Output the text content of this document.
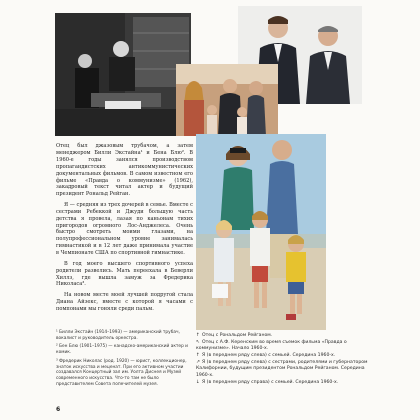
Отец был джазовым трубачом, а затем менеджером Билли Экстайна¹ и Бена Блю². В 1960-е годы занялся производством пропагандистских антикоммунистических документальных фильмов. В самом известном его фильме «Правда о коммунизме» (1962), закадровый текст читал актер и будущий президент Рональд Рейган.

Я — средняя из трех дочерей в семье. Вместе с сестрами Ребеккой и Джуди большую часть детства я провела, лазая по каньонам тихих пригородов огромного Лос-Анджелеса. Очень быстро смотреть моими глазами, на полупрофессиональном уровне занималась гимнастикой и в 12 лет даже принимала участие в Чемпионате США по спортивной гимнастике.

В год моего высшего спортивного успеха родители развелись. Мать переехала в Беверли Хиллз, где вышла замуж за Фредерика Николаса³.

На новом месте моей лучшей подругой стала Диана Айзекс, вместе с которой я часами с помпонами мы гоняли среди пальм.

¹ Билли Экстайн (1914–1993) — американский трубач, вокалист и руководитель оркестра.

² Бен Блю (1901–1975) — канадско-американский актер и комик.

³ Фредерик Николас (род. 1920) — юрист, коллекционер, знаток искусства и меценат. При его активном участии создавался Концертный зал им. Уолта Диснея и Музей современного искусства. Что-то там не было представителем Совета попечителей музея.

↑ Отец с Рональдом Рейганом.

↖ Отец с А.Ф. Керенским во время съемок фильма «Правда о коммунизме». Начало 1960-х.

↑ Я (в переднем ряду слева) с семьей. Середина 1960-х.

↗ Я (в переднем ряду слева) с сестрами, родителями и губернатором Калифорнии, будущим президентом Рональдом Рейганом. Середина 1960-х.

↓ Я (в переднем ряду справа) с семьей. Середина 1960-х.

6
